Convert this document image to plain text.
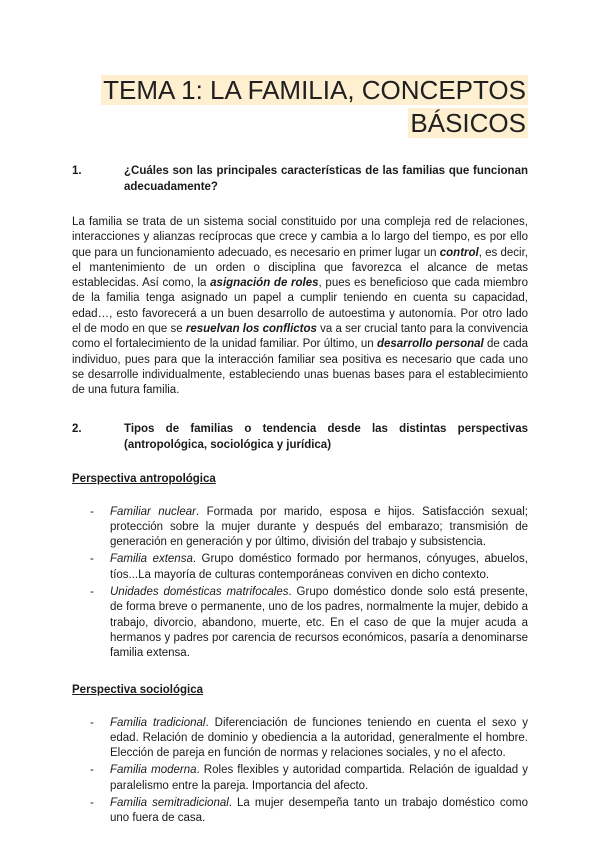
TEMA 1: LA FAMILIA, CONCEPTOS
BÁSICOS
1.	¿Cuáles son las principales características de las familias que funcionan adecuadamente?

La familia se trata de un sistema social constituido por una compleja red de relaciones, interacciones y alianzas recíprocas que crece y cambia a lo largo del tiempo, es por ello que para un funcionamiento adecuado, es necesario en primer lugar un control, es decir, el mantenimiento de un orden o disciplina que favorezca el alcance de metas establecidas. Así como, la asignación de roles, pues es beneficioso que cada miembro de la familia tenga asignado un papel a cumplir teniendo en cuenta su capacidad, edad…, esto favorecerá a un buen desarrollo de autoestima y autonomía. Por otro lado el de modo en que se resuelvan los conflictos va a ser crucial tanto para la convivencia como el fortalecimiento de la unidad familiar. Por último, un desarrollo personal de cada individuo, pues para que la interacción familiar sea positiva es necesario que cada uno se desarrolle individualmente, estableciendo unas buenas bases para el establecimiento de una futura familia.

2.	Tipos de familias o tendencia desde las distintas perspectivas (antropológica, sociológica y jurídica)
Perspectiva antropológica
- Familiar nuclear. Formada por marido, esposa e hijos. Satisfacción sexual; protección sobre la mujer durante y después del embarazo; transmisión de generación en generación y por último, división del trabajo y subsistencia.
- Familia extensa. Grupo doméstico formado por hermanos, cónyuges, abuelos, tíos...La mayoría de culturas contemporáneas conviven en dicho contexto.
- Unidades domésticas matrifocales. Grupo doméstico donde solo está presente, de forma breve o permanente, uno de los padres, normalmente la mujer, debido a trabajo, divorcio, abandono, muerte, etc. En el caso de que la mujer acuda a hermanos y padres por carencia de recursos económicos, pasaría a denominarse familia extensa.
Perspectiva sociológica
- Familia tradicional. Diferenciación de funciones teniendo en cuenta el sexo y edad. Relación de dominio y obediencia a la autoridad, generalmente el hombre. Elección de pareja en función de normas y relaciones sociales, y no el afecto.
- Familia moderna. Roles flexibles y autoridad compartida. Relación de igualdad y paralelismo entre la pareja. Importancia del afecto.
- Familia semitradicional. La mujer desempeña tanto un trabajo doméstico como uno fuera de casa.
